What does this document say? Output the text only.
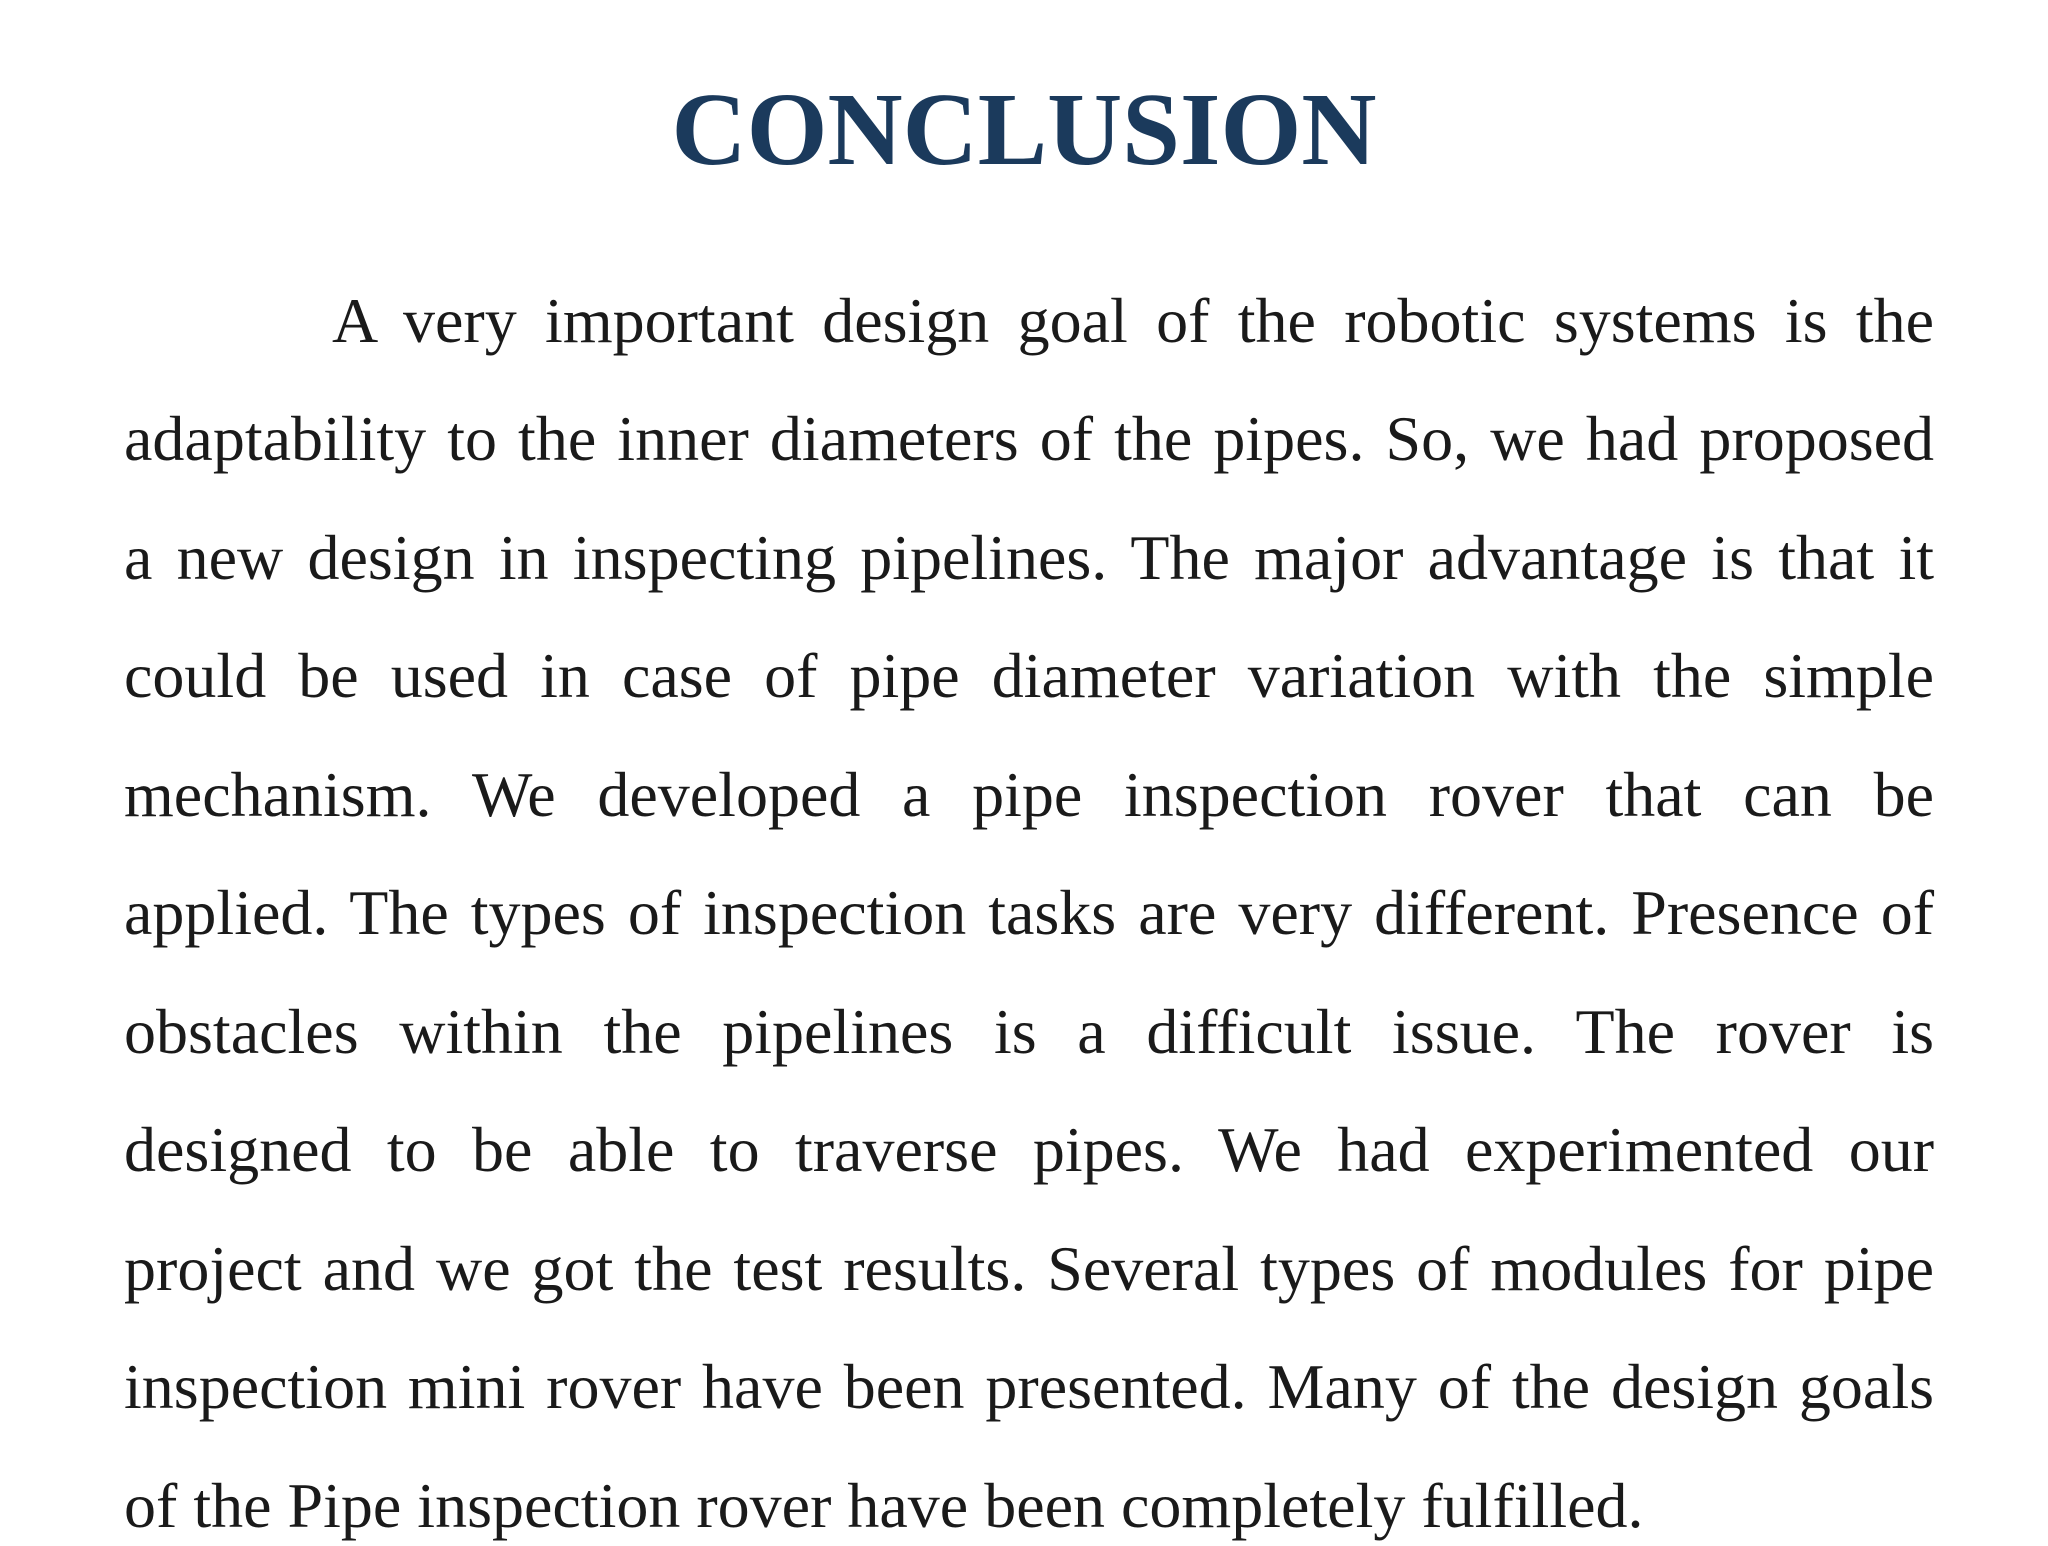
CONCLUSION
A very important design goal of the robotic systems is the
adaptability to the inner diameters of the pipes. So, we had proposed
a new design in inspecting pipelines. The major advantage is that it
could be used in case of pipe diameter variation with the simple
mechanism. We developed a pipe inspection rover that can be
applied. The types of inspection tasks are very different. Presence of
obstacles within the pipelines is a difficult issue. The rover is
designed to be able to traverse pipes. We had experimented our
project and we got the test results. Several types of modules for pipe
inspection mini rover have been presented. Many of the design goals
of the Pipe inspection rover have been completely fulfilled.
